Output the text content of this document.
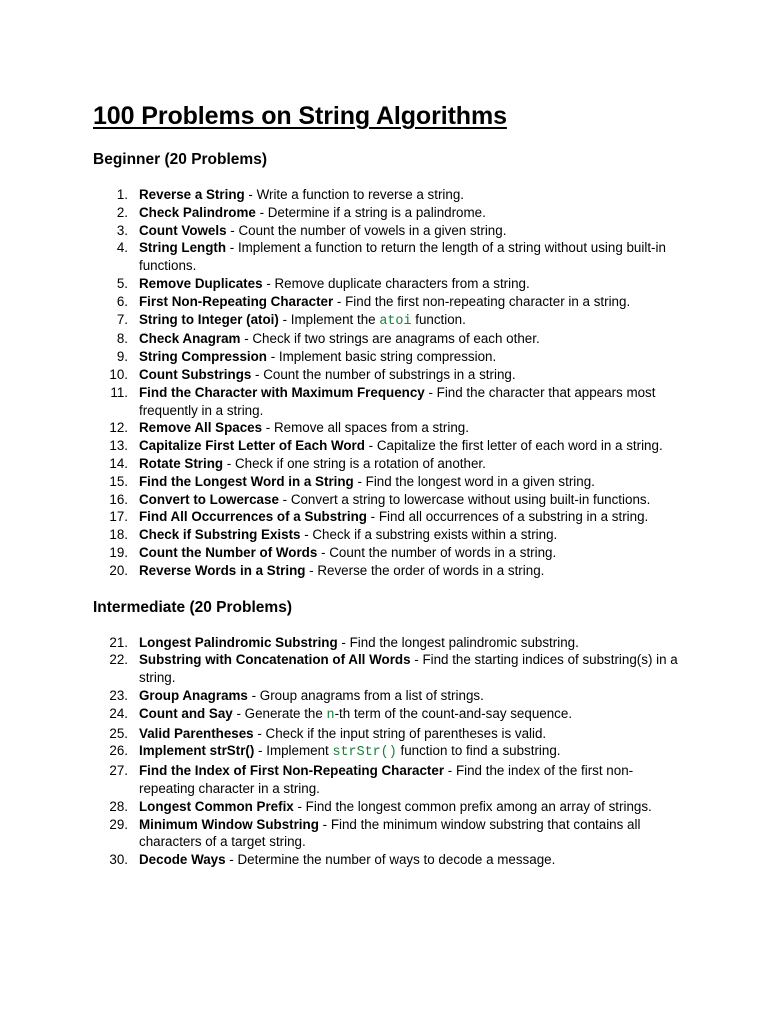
100 Problems on String Algorithms
Beginner (20 Problems)
1. Reverse a String - Write a function to reverse a string.
2. Check Palindrome - Determine if a string is a palindrome.
3. Count Vowels - Count the number of vowels in a given string.
4. String Length - Implement a function to return the length of a string without using built-in functions.
5. Remove Duplicates - Remove duplicate characters from a string.
6. First Non-Repeating Character - Find the first non-repeating character in a string.
7. String to Integer (atoi) - Implement the atoi function.
8. Check Anagram - Check if two strings are anagrams of each other.
9. String Compression - Implement basic string compression.
10. Count Substrings - Count the number of substrings in a string.
11. Find the Character with Maximum Frequency - Find the character that appears most frequently in a string.
12. Remove All Spaces - Remove all spaces from a string.
13. Capitalize First Letter of Each Word - Capitalize the first letter of each word in a string.
14. Rotate String - Check if one string is a rotation of another.
15. Find the Longest Word in a String - Find the longest word in a given string.
16. Convert to Lowercase - Convert a string to lowercase without using built-in functions.
17. Find All Occurrences of a Substring - Find all occurrences of a substring in a string.
18. Check if Substring Exists - Check if a substring exists within a string.
19. Count the Number of Words - Count the number of words in a string.
20. Reverse Words in a String - Reverse the order of words in a string.
Intermediate (20 Problems)
21. Longest Palindromic Substring - Find the longest palindromic substring.
22. Substring with Concatenation of All Words - Find the starting indices of substring(s) in a string.
23. Group Anagrams - Group anagrams from a list of strings.
24. Count and Say - Generate the n-th term of the count-and-say sequence.
25. Valid Parentheses - Check if the input string of parentheses is valid.
26. Implement strStr() - Implement strStr() function to find a substring.
27. Find the Index of First Non-Repeating Character - Find the index of the first non-repeating character in a string.
28. Longest Common Prefix - Find the longest common prefix among an array of strings.
29. Minimum Window Substring - Find the minimum window substring that contains all characters of a target string.
30. Decode Ways - Determine the number of ways to decode a message.
